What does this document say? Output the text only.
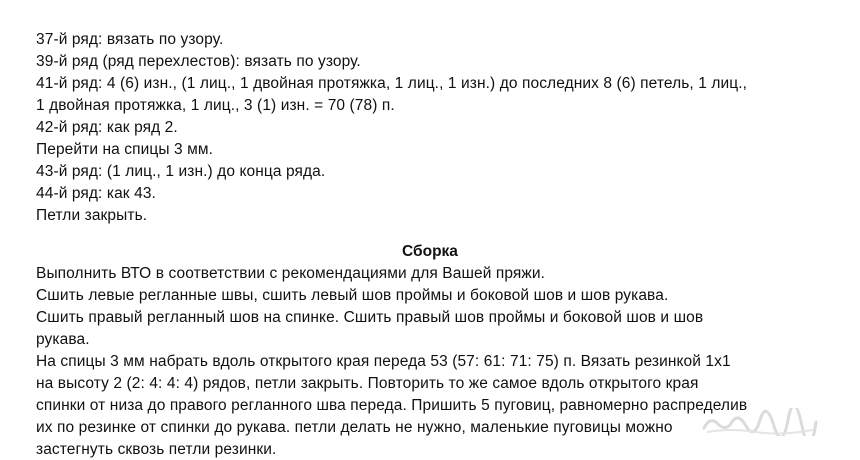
37-й ряд: вязать по узору.
39-й ряд (ряд перехлестов): вязать по узору.
41-й ряд: 4 (6) изн., (1 лиц., 1 двойная протяжка, 1 лиц., 1 изн.) до последних 8 (6) петель, 1 лиц.,
1 двойная протяжка, 1 лиц., 3 (1) изн. = 70 (78) п.
42-й ряд: как ряд 2.
Перейти на спицы 3 мм.
43-й ряд: (1 лиц., 1 изн.) до конца ряда.
44-й ряд: как 43.
Петли закрыть.
Сборка
Выполнить ВТО в соответствии с рекомендациями для Вашей пряжи.
Сшить левые регланные швы, сшить левый шов проймы и боковой шов и шов рукава.
Сшить правый регланный шов на спинке. Сшить правый шов проймы и боковой шов и шов
рукава.
На спицы 3 мм набрать вдоль открытого края переда 53 (57: 61: 71: 75) п. Вязать резинкой 1х1
на высоту 2 (2: 4: 4: 4) рядов, петли закрыть. Повторить то же самое вдоль открытого края
спинки от низа до правого регланного шва переда. Пришить 5 пуговиц, равномерно распределив
их по резинке от спинки до рукава. петли делать не нужно, маленькие пуговицы можно
застегнуть сквозь петли резинки.
